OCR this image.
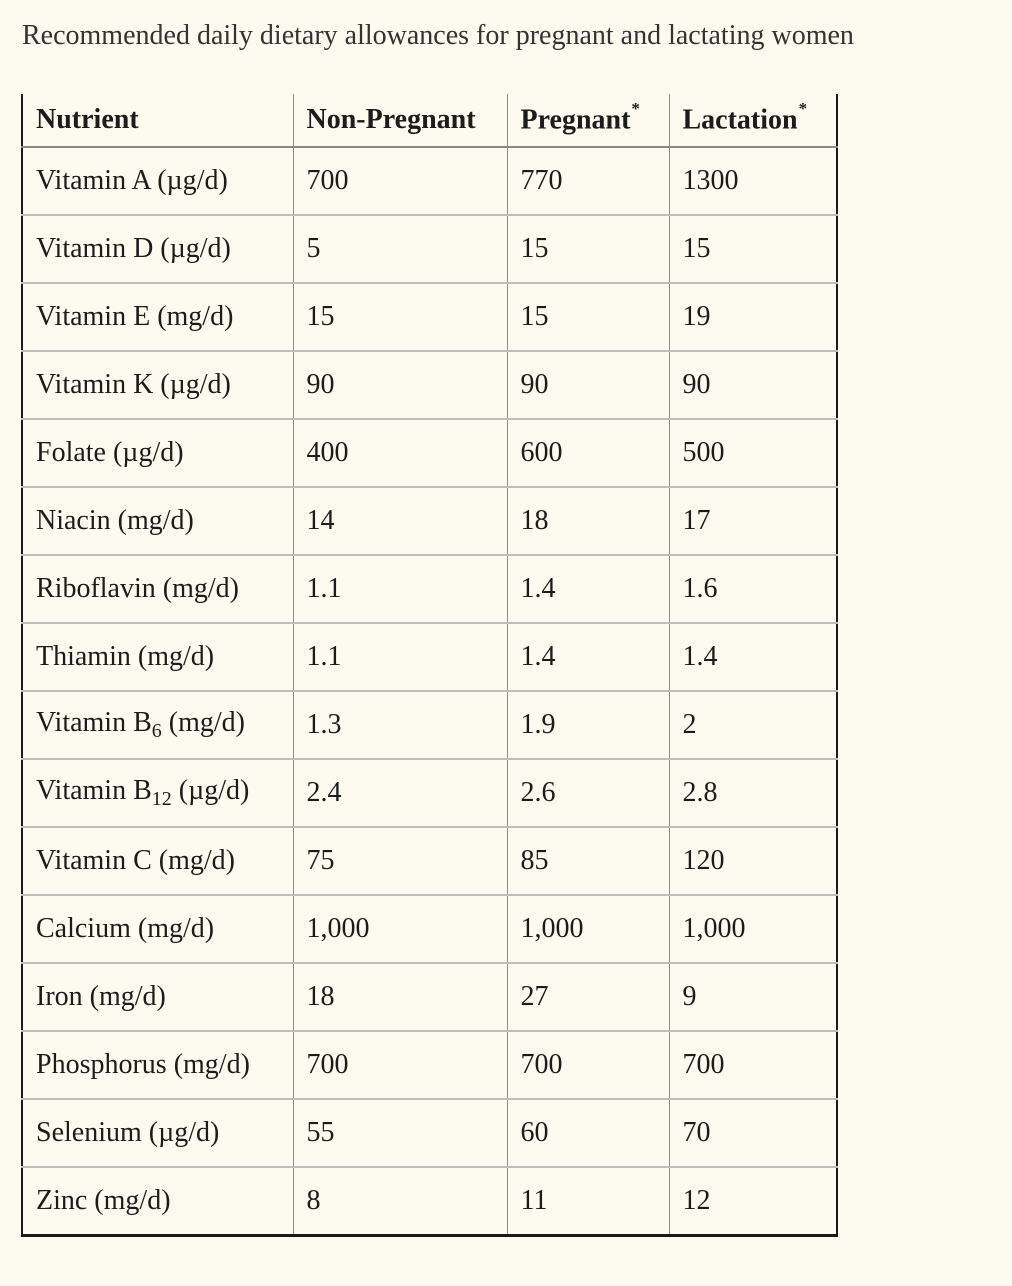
Recommended daily dietary allowances for pregnant and lactating women
Nutrient	Non-Pregnant	Pregnant*	Lactation*
Vitamin A (µg/d)	700	770	1300
Vitamin D (µg/d)	5	15	15
Vitamin E (mg/d)	15	15	19
Vitamin K (µg/d)	90	90	90
Folate (µg/d)	400	600	500
Niacin (mg/d)	14	18	17
Riboflavin (mg/d)	1.1	1.4	1.6
Thiamin (mg/d)	1.1	1.4	1.4
Vitamin $B_6$ (mg/d)	1.3	1.9	2
Vitamin $B_{12}$ (µg/d)	2.4	2.6	2.8
Vitamin C (mg/d)	75	85	120
Calcium (mg/d)	1,000	1,000	1,000
Iron (mg/d)	18	27	9
Phosphorus (mg/d)	700	700	700
Selenium (µg/d)	55	60	70
Zinc (mg/d)	8	11	12
